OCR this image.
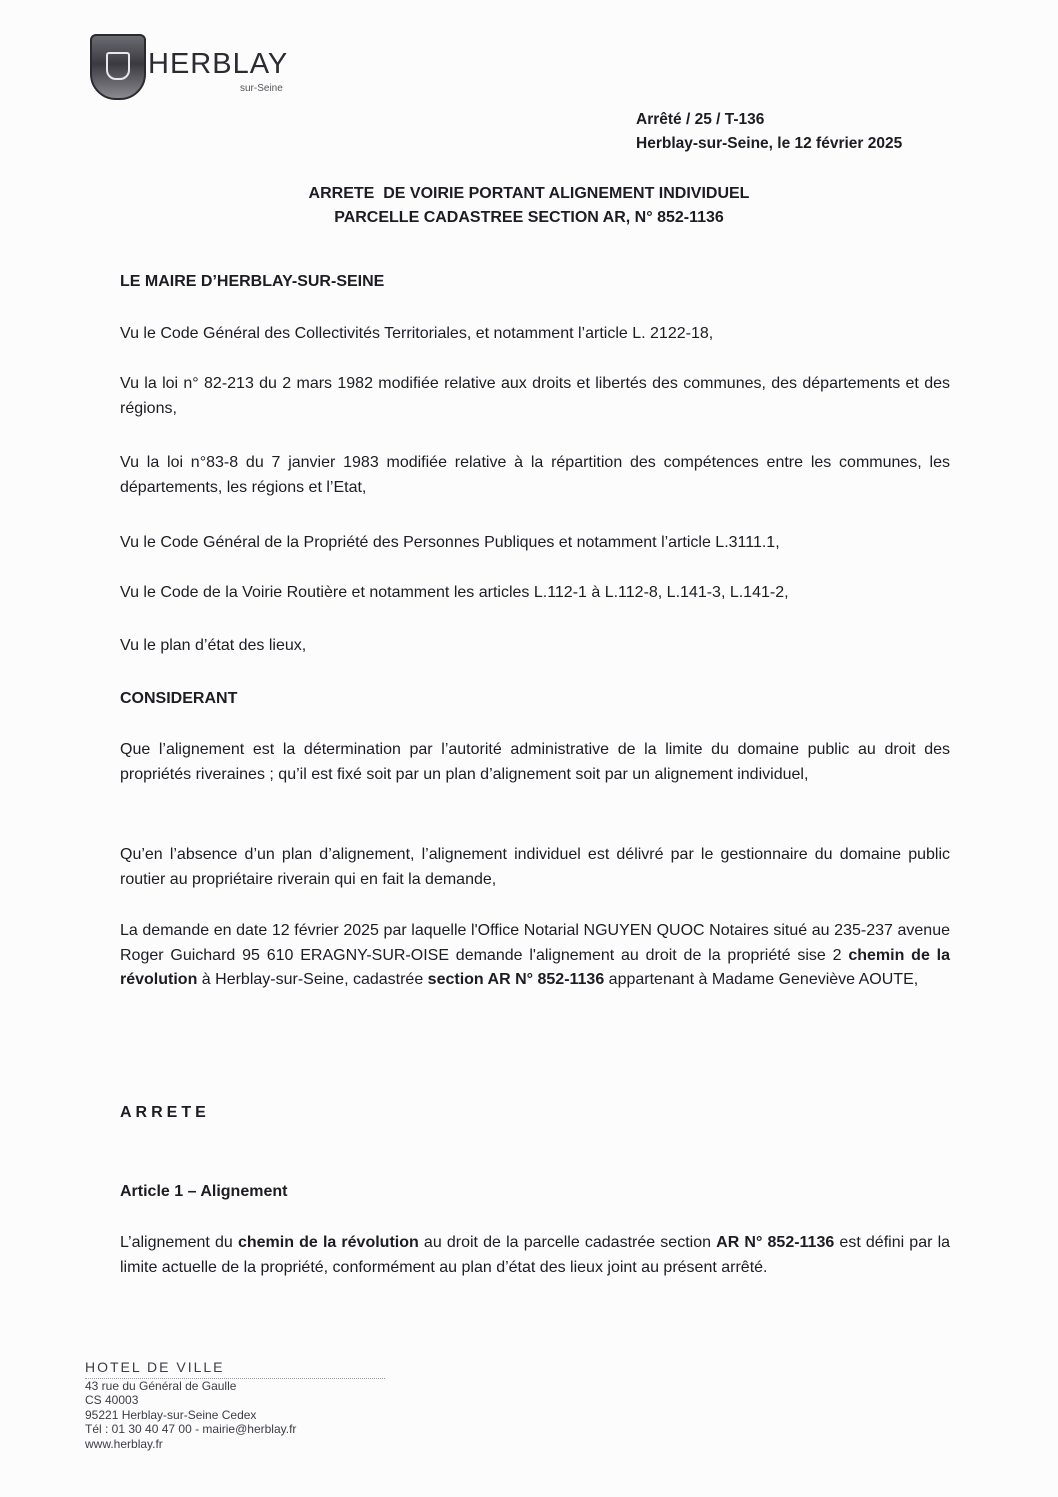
HERBLAY
sur-Seine
Arrêté / 25 / T-136
Herblay-sur-Seine, le 12 février 2025
ARRETE  DE VOIRIE PORTANT ALIGNEMENT INDIVIDUEL
PARCELLE CADASTREE SECTION AR, N° 852-1136

LE MAIRE D’HERBLAY-SUR-SEINE

Vu le Code Général des Collectivités Territoriales, et notamment l’article L. 2122-18,

Vu la loi n° 82-213 du 2 mars 1982 modifiée relative aux droits et libertés des communes, des départements et des régions,

Vu la loi n°83-8 du 7 janvier 1983 modifiée relative à la répartition des compétences entre les communes, les départements, les régions et l’Etat,

Vu le Code Général de la Propriété des Personnes Publiques et notamment l’article L.3111.1,

Vu le Code de la Voirie Routière et notamment les articles L.112-1 à L.112-8, L.141-3, L.141-2,

Vu le plan d’état des lieux,

CONSIDERANT

Que l’alignement est la détermination par l’autorité administrative de la limite du domaine public au droit des propriétés riveraines ; qu’il est fixé soit par un plan d’alignement soit par un alignement individuel,

Qu’en l’absence d’un plan d’alignement, l’alignement individuel est délivré par le gestionnaire du domaine public routier au propriétaire riverain qui en fait la demande,

La demande en date 12 février 2025 par laquelle l'Office Notarial NGUYEN QUOC Notaires situé au 235-237 avenue Roger Guichard 95 610 ERAGNY-SUR-OISE demande l'alignement au droit de la propriété sise 2 chemin de la révolution à Herblay-sur-Seine, cadastrée section AR N° 852-1136 appartenant à Madame Geneviève AOUTE,

ARRETE

Article 1 – Alignement

L’alignement du chemin de la révolution au droit de la parcelle cadastrée section AR N° 852-1136 est défini par la limite actuelle de la propriété, conformément au plan d’état des lieux joint au présent arrêté.

HOTEL DE VILLE
43 rue du Général de Gaulle
CS 40003
95221 Herblay-sur-Seine Cedex
Tél : 01 30 40 47 00 - mairie@herblay.fr
www.herblay.fr
